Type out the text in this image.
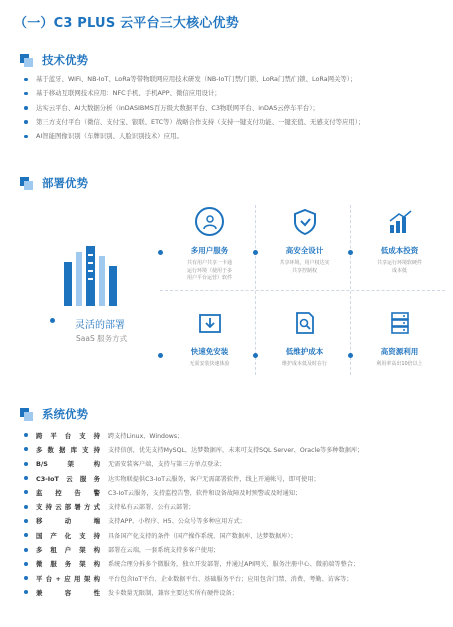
（一）C3 PLUS 云平台三大核心优势
技术优势
基于蓝牙、WiFi、NB-IoT、LoRa等带物联网应用技术研发（NB-IoT门禁/门锁、LoRa门禁/门锁、LoRa网关等）；
基于移动互联网技术应用：NFC手机、手机APP、微信应用设计；
达实云平台、AI大数据分析（inDASIBMS百万级大数据平台、C3物联网平台、inDAS云停车平台）；
第三方支付平台（微信、支付宝、银联、ETC等）战略合作支持（支持一键支付功能、一键充值、无感支付等应用）；
AI智能图像识别（车牌识别、人脸识别技术）应用。
部署优势
灵活的部署
SaaS 服务方式
多用户服务
共有用户共享一卡通
运行环境（使用于多
用户平台运营）软件
高安全设计
共享环境，用户权达实
共享控制权
低成本投资
共享运行环境软硬件
成本低
快速免安装
无需安装快速体验
低维护成本
维护成本低及时在行
高资源利用
利用率高出10倍以上
系统优势
跨平台支持 跨支持Linux、Windows；
多数据库支持 支持信创，优先支持MySQL，达梦数据库，未来可支持SQL Server、Oracle等多种数据库；
B/S架构 无需安装客户端，支持与第三方单点登录；
C3-IoT云服务 达实物联提供C3-IoT云服务，客户无需部署软件，线上开通帐号，即可使用；
监控告警 C3-IoT云服务，支持监控告警，软件和设备故障及时预警或及时通知；
支持云部署方式 支持私有云部署、公有云部署；
移动端 支持APP、小程序、H5、公众号等多种应用方式；
国产化支持 具备国产化支持的条件（国产操作系统、国产数据库、达梦数据库）；
多租户架构 部署在云端，一套系统支持多客户使用；
微服务架构 系统合理分拆多个微服务，独立开发部署，并通过API网关、服务注册中心、微前端等整合；
平台+应用架构 平台包含IoT平台、企业数据平台、基础服务平台；应用包含门禁、消费、考勤、访客等；
兼容性 发卡数量无限制，兼容主要达实所有硬件设备；
